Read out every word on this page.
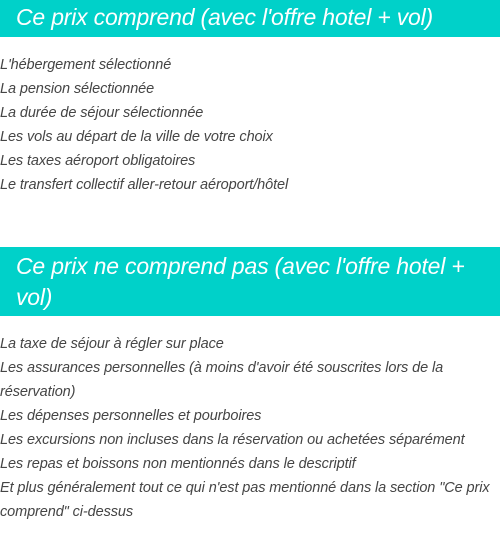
Ce prix comprend (avec l'offre hotel + vol)
L'hébergement sélectionné
La pension sélectionnée
La durée de séjour sélectionnée
Les vols au départ de la ville de votre choix
Les taxes aéroport obligatoires
Le transfert collectif aller-retour aéroport/hôtel
Ce prix ne comprend pas (avec l'offre hotel + vol)
La taxe de séjour à régler sur place
Les assurances personnelles (à moins d'avoir été souscrites lors de la réservation)
Les dépenses personnelles et pourboires
Les excursions non incluses dans la réservation ou achetées séparément
Les repas et boissons non mentionnés dans le descriptif
Et plus généralement tout ce qui n'est pas mentionné dans la section "Ce prix comprend" ci-dessus
